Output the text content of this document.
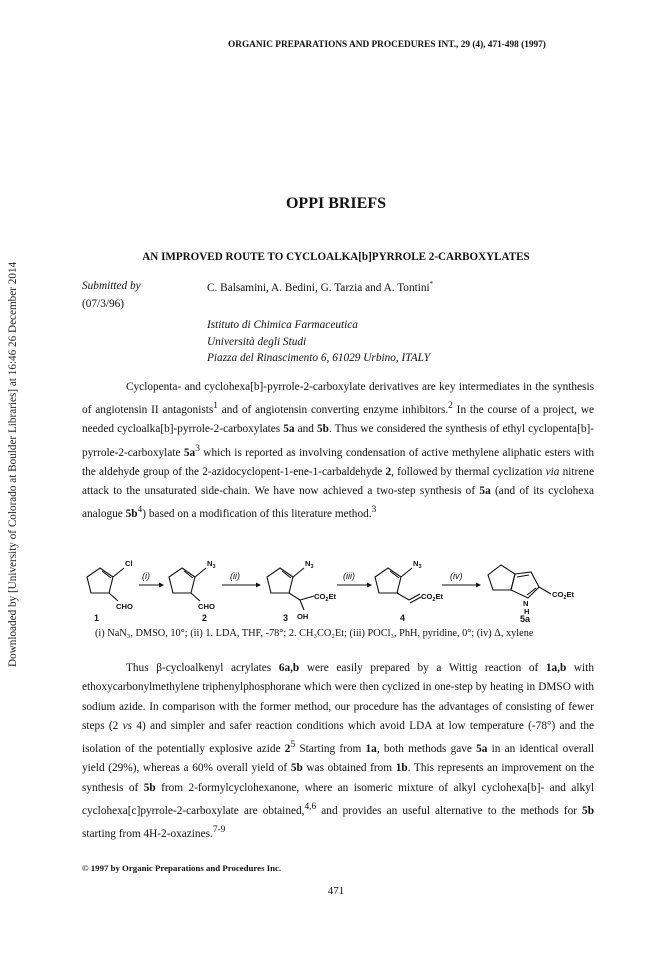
Downloaded by [University of Colorado at Boulder Libraries] at 16:46 26 December 2014
ORGANIC PREPARATIONS AND PROCEDURES INT., 29 (4), 471-498 (1997)
OPPI BRIEFS
AN IMPROVED ROUTE TO CYCLOALKA[b]PYRROLE 2-CARBOXYLATES
Submitted by
(07/3/96)
C. Balsamini, A. Bedini, G. Tarzia and A. Tontini*
Istituto di Chimica Farmaceutica
Università degli Studi
Piazza del Rinascimento 6, 61029 Urbino, ITALY

Cyclopenta- and cyclohexa[b]-pyrrole-2-carboxylate derivatives are key intermediates in the synthesis of angiotensin II antagonists$^1$ and of angiotensin converting enzyme inhibitors.$^2$ In the course of a project, we needed cycloalka[b]-pyrrole-2-carboxylates 5a and 5b. Thus we considered the synthesis of ethyl cyclopenta[b]-pyrrole-2-carboxylate $5a^3$ which is reported as involving condensation of active methylene aliphatic esters with the aldehyde group of the 2-azidocyclopent-1-ene-1-carbaldehyde 2, followed by thermal cyclization via nitrene attack to the unsaturated side-chain. We have now achieved a two-step synthesis of 5a (and of its cyclohexa analogue $5b^4$) based on a modification of this literature method.$^3$

Cl
CHO
$N_3$
CHO
$N_3$
$CO_2Et$
OH
$N_3$
$CO_2Et$
N
H
$CO_2Et$
(i)	(ii)	(iii)	(iv)
1	2	3	4	5a
(i) NaN₃, DMSO, 10°; (ii) 1. LDA, THF, -78°; 2. CH₃CO₂Et; (iii) POCl₃, PhH, pyridine, 0°; (iv) Δ, xylene

Thus β-cycloalkenyl acrylates 6a,b were easily prepared by a Wittig reaction of 1a,b with ethoxycarbonylmethylene triphenylphosphorane which were then cyclized in one-step by heating in DMSO with sodium azide. In comparison with the former method, our procedure has the advantages of consisting of fewer steps (2 vs 4) and simpler and safer reaction conditions which avoid LDA at low temperature (-78°) and the isolation of the potentially explosive azide $2^5$ Starting from 1a, both methods gave 5a in an identical overall yield (29%), whereas a 60% overall yield of 5b was obtained from 1b. This represents an improvement on the synthesis of 5b from 2-formylcyclohexanone, where an isomeric mixture of alkyl cyclohexa[b]- and alkyl cyclohexa[c]pyrrole-2-carboxylate are obtained,$^{4,6}$ and provides an useful alternative to the methods for 5b starting from 4H-2-oxazines.$^{7-9}$

© 1997 by Organic Preparations and Procedures Inc.
471
